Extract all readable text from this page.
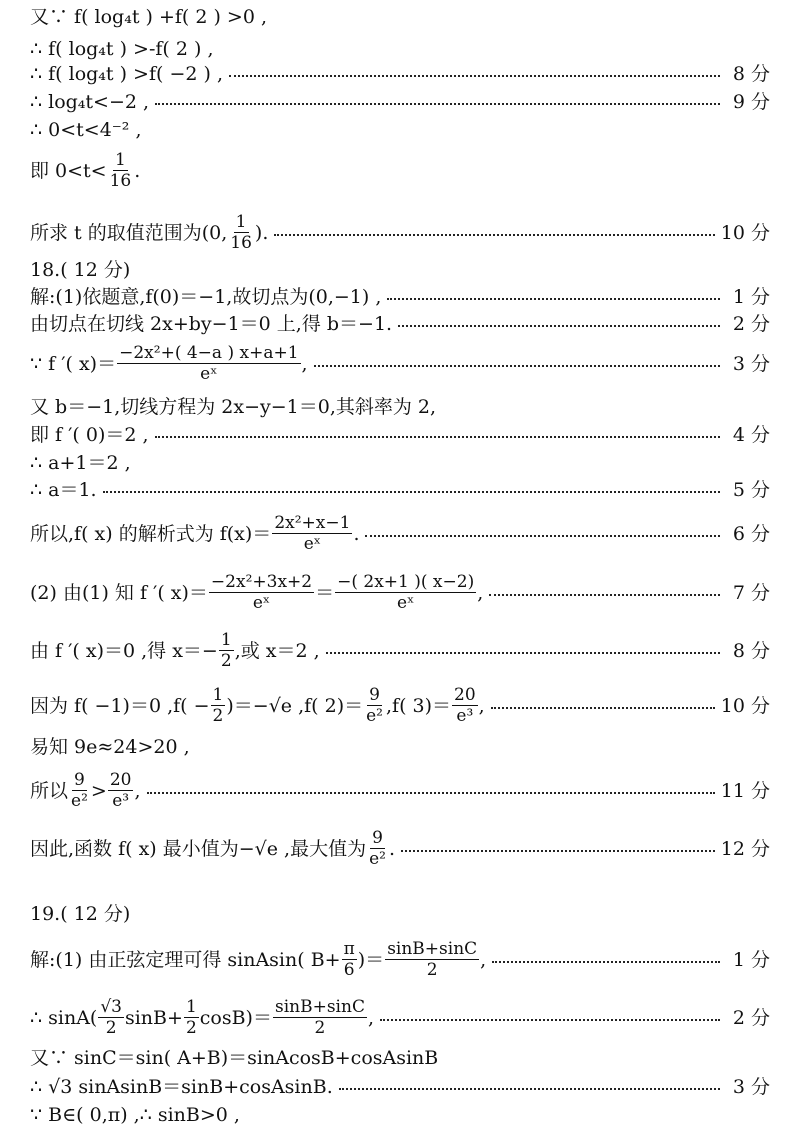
又∵ f( log₄t ) +f( 2 ) >0 ,
∴ f( log₄t ) >-f( 2 ) ,
∴ f( log₄t ) >f( −2 ) ,	8 分
∴ log₄t<−2 ,	9 分
∴ 0<t<4⁻² ,
即 $0<t< \frac{1}{16}$ .
所求 t 的取值范围为(0, $\frac{1}{16}$ ).	10 分
18.( 12 分)
解:(1)依题意,f(0)＝−1,故切点为(0,−1) ,	1 分
由切点在切线 2x+by−1＝0 上,得 b＝−1.	2 分
∵ f ′( $x)= \frac{\text{−2x²+( 4−a ) x+a+1}}{\text{eˣ}}$ ,	3 分
又 b＝−1,切线方程为 2x−y−1＝0,其斜率为 2,
即 f ′( 0)＝2 ,	4 分
∴ a+1＝2 ,
∴ a＝1.	5 分
所以,f( x) 的解析式为 $f(x)= \frac{\text{2x²+x−1}}{\text{eˣ}}$ .	6 分
(2) 由(1) 知 f ′( $x)= \frac{\text{−2x²+3x+2}}{\text{eˣ}} = \frac{-( 2x+1 )( x-2)}{\text{eˣ}}$ ,	7 分
由 f ′( x)＝0 ,得 $x=- \frac{1}{2}$ ,或 x＝2 ,	8 分
因为 f( −1)＝0 $,f( - \frac{1}{2} )=-√e$ ,f( $2)= \frac{9}{\text{e²}} ,f$( $3)= \frac{20}{\text{e³}}$ ,	10 分
易知 9e≈24>20 ,
所以 $\frac{9}{\text{e²}} > \frac{20}{\text{e³}}$ ,	11 分
因此,函数 f( x) 最小值为−√e ,最大值为 $\frac{9}{\text{e²}}$ .	12 分
19.( 12 分)
解:(1) 由正弦定理可得 sinAsin( $B+ \frac{\pi}{6}$ )＝ $\frac{\sin B+\sin C}{2}$ ,	1 分
∴ $\sin A( \frac{√3}{2} \sin B+ \frac{1}{2} \cos B)= \frac{\sin B+\sin C}{2}$ ,	2 分
又∵ sinC＝sin( A+B)＝sinAcosB+cosAsinB
∴ √3 sinAsinB＝sinB+cosAsinB.	3 分
∵ B∈( 0,π) ,∴ sinB>0 ,
